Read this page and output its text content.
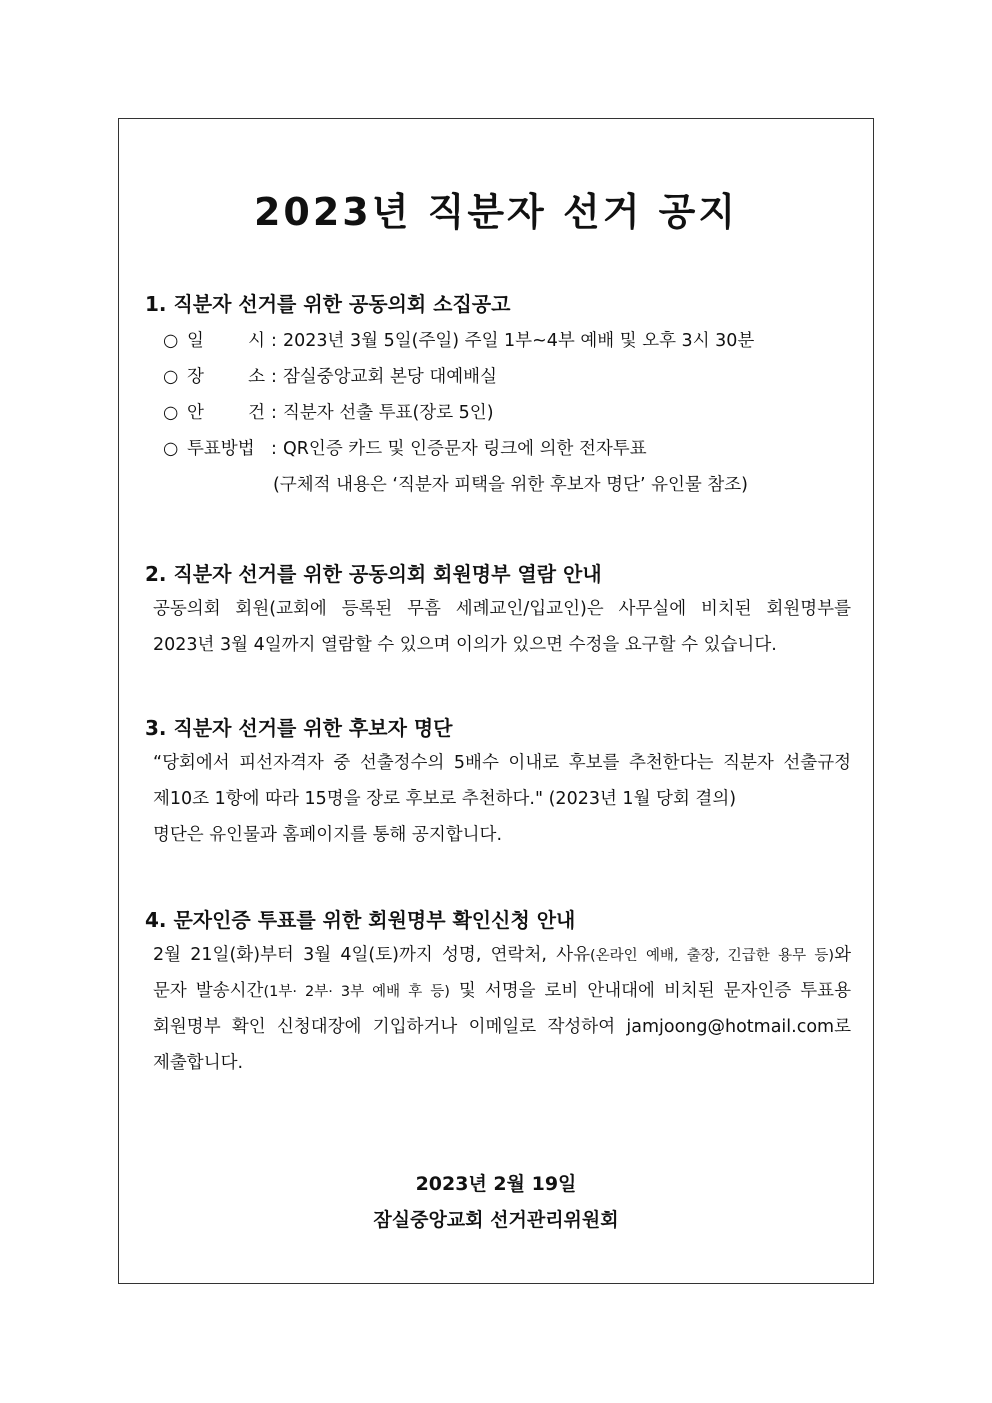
2023년 직분자 선거 공지
1. 직분자 선거를 위한 공동의회 소집공고
○ 일	시 : 2023년 3월 5일(주일) 주일 1부~4부 예배 및 오후 3시 30분
○ 장	소 : 잠실중앙교회 본당 대예배실
○ 안	건 : 직분자 선출 투표(장로 5인)
○ 투표방법 : QR인증 카드 및 인증문자 링크에 의한 전자투표
(구체적 내용은 ‘직분자 피택을 위한 후보자 명단’ 유인물 참조)
2. 직분자 선거를 위한 공동의회 회원명부 열람 안내
공동의회 회원(교회에 등록된 무흠 세례교인/입교인)은 사무실에 비치된 회원명부를
2023년 3월 4일까지 열람할 수 있으며 이의가 있으면 수정을 요구할 수 있습니다.
3. 직분자 선거를 위한 후보자 명단
“당회에서 피선자격자 중 선출정수의 5배수 이내로 후보를 추천한다는 직분자 선출규정
제10조 1항에 따라 15명을 장로 후보로 추천하다." (2023년 1월 당회 결의)
명단은 유인물과 홈페이지를 통해 공지합니다.
4. 문자인증 투표를 위한 회원명부 확인신청 안내
2월 21일(화)부터 3월 4일(토)까지 성명, 연락처, 사유(온라인 예배, 출장, 긴급한 용무 등)와
문자 발송시간(1부· 2부· 3부 예배 후 등) 및 서명을 로비 안내대에 비치된 문자인증 투표용
회원명부 확인 신청대장에 기입하거나 이메일로 작성하여 jamjoong@hotmail.com로
제출합니다.
2023년 2월 19일
잠실중앙교회 선거관리위원회
